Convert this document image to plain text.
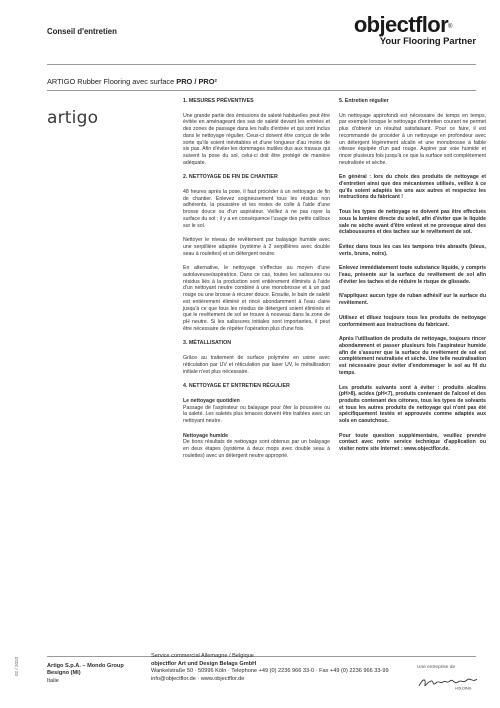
Conseil d'entretien	objectflor®
Your Flooring Partner
ARTIGO Rubber Flooring avec surface PRO / PRO²
artigo
1. MESURES PRÉVENTIVES
Une grande partie des émissions de saleté habituelles peut être évitée en aménageant des sas de saleté devant les entrées et des zones de passage dans les halls d'entrée et qui sont inclus dans le nettoyage régulier. Ceux-ci doivent être conçus de telle sorte qu'ils soient inévitables et d'une longueur d'au moins de six pas. Afin d'éviter les dommages inutiles dus aux travaux qui suivent la pose du sol, celui-ci doit être protégé de manière adéquate.
2. NETTOYAGE DE FIN DE CHANTIER
48 heures après la pose, il faut procéder à un nettoyage de fin de chantier. Enlevez soigneusement tous les résidus non adhérents, la poussière et les restes de colle à l'aide d'une brosse douce ou d'un aspirateur. Veillez à ne pas rayer la surface du sol ; il y a en conséquence l'usage des petits cailloux sur le sol.
Nettoyer le niveau de revêtement par balayage humide avec une serpillière adaptée (système à 2 serpillières avec double seau à roulettes) et un détergent neutre.
En alternative, le nettoyage s'effectue au moyen d'une autolaveuse/aspiratrice. Dans ce cas, toutes les salissures ou résidus liés à la production sont entièrement éliminés à l'aide d'un nettoyant neutre combiné à une monobrosse et à un pad rouge ou une brosse à récurer douce. Ensuite, le bain de saleté est entièrement éliminé et rincé abondamment à l'eau claire jusqu'à ce que tous les résidus de détergent soient éliminés et que le revêtement de sol se trouve à nouveau dans la zone de pH neutre. Si les salissures initiales sont importantes, il peut être nécessaire de répéter l'opération plus d'une fois.
3. MÉTALLISATION
Grâce au traitement de surface polymère en usine avec réticulation par UV et réticulation par laser UV, le métallisation initiale n'est plus nécessaire.
4. NETTOYAGE ET ENTRETIEN RÉGULIER
Le nettoyage quotidien
Passage de l'aspirateur ou balayage pour ôter la poussière ou la saleté. Les saletés plus tenaces doivent être traitées avec un nettoyant neutre.
Nettoyage humide
De bons résultats de nettoyage sont obtenus par un balayage en deux étapes (système à deux mops avec double seau à roulettes) avec un détergent neutre approprié.
5. Entretien régulier
Un nettoyage approfondi est nécessaire de temps en temps, par exemple lorsque le nettoyage d'entretien courant ne permet plus d'obtenir un résultat satisfaisant. Pour ce faire, il est recommandé de procéder à un nettoyage en profondeur avec un détergent légèrement alcalin et une monobrosse à faible vitesse équipée d'un pad rouge. Aspirer par voie humide et rincer plusieurs fois jusqu'à ce que la surface soit complètement neutralisée et sèche.
En général : lors du choix des produits de nettoyage et d'entretien ainsi que des mécanismes utilisés, veillez à ce qu'ils soient adaptés les uns aux autres et respectez les instructions du fabricant !
Tous les types de nettoyage ne doivent pas être effectués sous la lumière directe du soleil, afin d'éviter que le liquide sale ne sèche avant d'être enlevé et ne provoque ainsi des éclaboussures et des taches sur le revêtement de sol.
Évitez dans tous les cas les tampons très abrasifs (bleus, verts, bruns, noirs).
Enlevez immédiatement toute substance liquide, y compris l'eau, présente sur la surface du revêtement de sol afin d'éviter les taches et de réduire le risque de glissade.
N'appliquez aucun type de ruban adhésif sur la surface du revêtement.
Utilisez et diluez toujours tous les produits de nettoyage conformément aux instructions du fabricant.
Après l'utilisation de produits de nettoyage, toujours rincer abondamment et passer plusieurs fois l'aspirateur humide afin de s'assurer que la surface du revêtement de sol est complètement neutralisée et sèche. Une telle neutralisation est nécessaire pour éviter d'endommager le sol au fil du temps.
Les produits suivants sont à éviter : produits alcalins (pH>8), acides (pH<7), produits contenant de l'alcool et des produits contenant des cétones, tous les types de solvants et tous les autres produits de nettoyage qui n'ont pas été spécifiquement testés et approuvés comme adaptés aux sols en caoutchouc.
Pour toute question supplémentaire, veuillez prendre contact avec notre service technique d'application ou visiter notre site Internet : www.objectflor.de.
02 / 2020	Artigo S.p.A. – Mondo Group
Besigno (MI)
Italie
Service commercial Allemagne / Belgique
objectflor Art und Design Belags GmbH
Wankelstraße 50 · 50996 Köln · Telephone +49 (0) 2236 966 33-0 · Fax +49 (0) 2236 966 33-99
info@objectflor.de · www.objectflor.de
Une entreprise de
HOLDING
